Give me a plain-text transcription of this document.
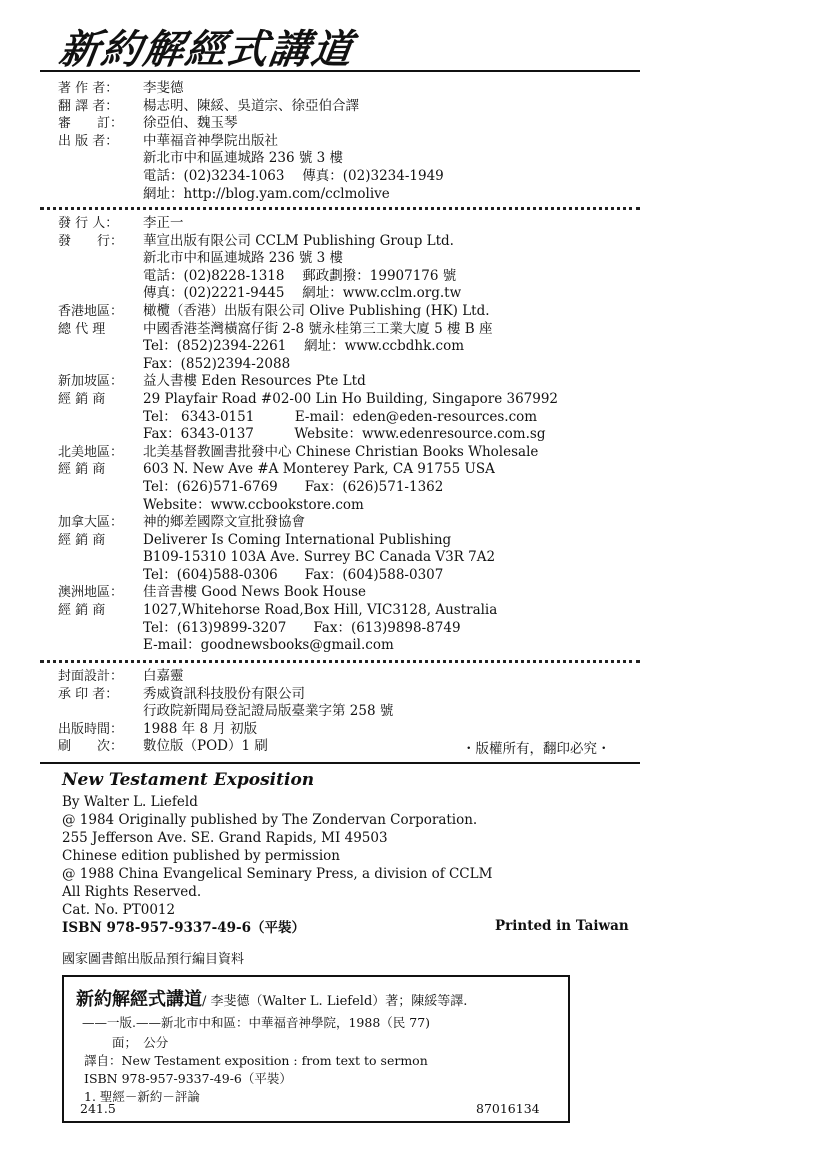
新約解經式講道
著 作 者：	李斐德
翻 譯 者：	楊志明、陳綏、吳道宗、徐亞伯合譯
審　　訂：	徐亞伯、魏玉琴
出 版 者：	中華福音神學院出版社
新北市中和區連城路 236 號 3 樓
電話：(02)3234-1063　 傳真：(02)3234-1949
網址：http://blog.yam.com/cclmolive
發 行 人：	李正一
發　　行：	華宣出版有限公司 CCLM Publishing Group Ltd.
新北市中和區連城路 236 號 3 樓
電話：(02)8228-1318　 郵政劃撥：19907176 號
傳真：(02)2221-9445　 網址：www.cclm.org.tw
香港地區：	橄欖（香港）出版有限公司 Olive Publishing (HK) Ltd.
總 代 理	中國香港荃灣橫窩仔街 2-8 號永桂第三工業大廈 5 樓 B 座
Tel：(852)2394-2261　 網址：www.ccbdhk.com
Fax：(852)2394-2088
新加坡區：	益人書樓 Eden Resources Pte Ltd
經 銷 商	29 Playfair Road #02-00 Lin Ho Building, Singapore 367992
Tel： 6343-0151　　　E-mail：eden@eden-resources.com
Fax：6343-0137　　　Website：www.edenresource.com.sg
北美地區：	北美基督教圖書批發中心 Chinese Christian Books Wholesale
經 銷 商	603 N. New Ave #A Monterey Park, CA 91755 USA
Tel：(626)571-6769　　Fax：(626)571-1362
Website：www.ccbookstore.com
加拿大區：	神的鄉差國際文宣批發協會
經 銷 商	Deliverer Is Coming International Publishing
B109-15310 103A Ave. Surrey BC Canada V3R 7A2
Tel：(604)588-0306　　Fax：(604)588-0307
澳洲地區：	佳音書樓 Good News Book House
經 銷 商	1027,Whitehorse Road,Box Hill, VIC3128, Australia
Tel：(613)9899-3207　　Fax：(613)9898-8749
E-mail：goodnewsbooks@gmail.com
封面設計：	白嘉靈
承 印 者：	秀威資訊科技股份有限公司
行政院新聞局登記證局版臺業字第 258 號
出版時間：	1988 年 8 月 初版
刷　　次：	數位版（POD）1 刷	・版權所有，翻印必究・
New Testament Exposition
By Walter L. Liefeld
@ 1984 Originally published by The Zondervan Corporation.
255 Jefferson Ave. SE. Grand Rapids, MI 49503
Chinese edition published by permission
@ 1988 China Evangelical Seminary Press, a division of CCLM
All Rights Reserved.
Cat. No. PT0012
ISBN 978-957-9337-49-6（平裝）	Printed in Taiwan
國家圖書館出版品預行編目資料
新約解經式講道/ 李斐德（Walter L. Liefeld）著；陳綏等譯.
——一版.——新北市中和區：中華福音神學院，1988（民 77)
面；　公分
譯自：New Testament exposition : from text to sermon
ISBN 978-957-9337-49-6（平裝）
1. 聖經－新約－評論
241.5	87016134
